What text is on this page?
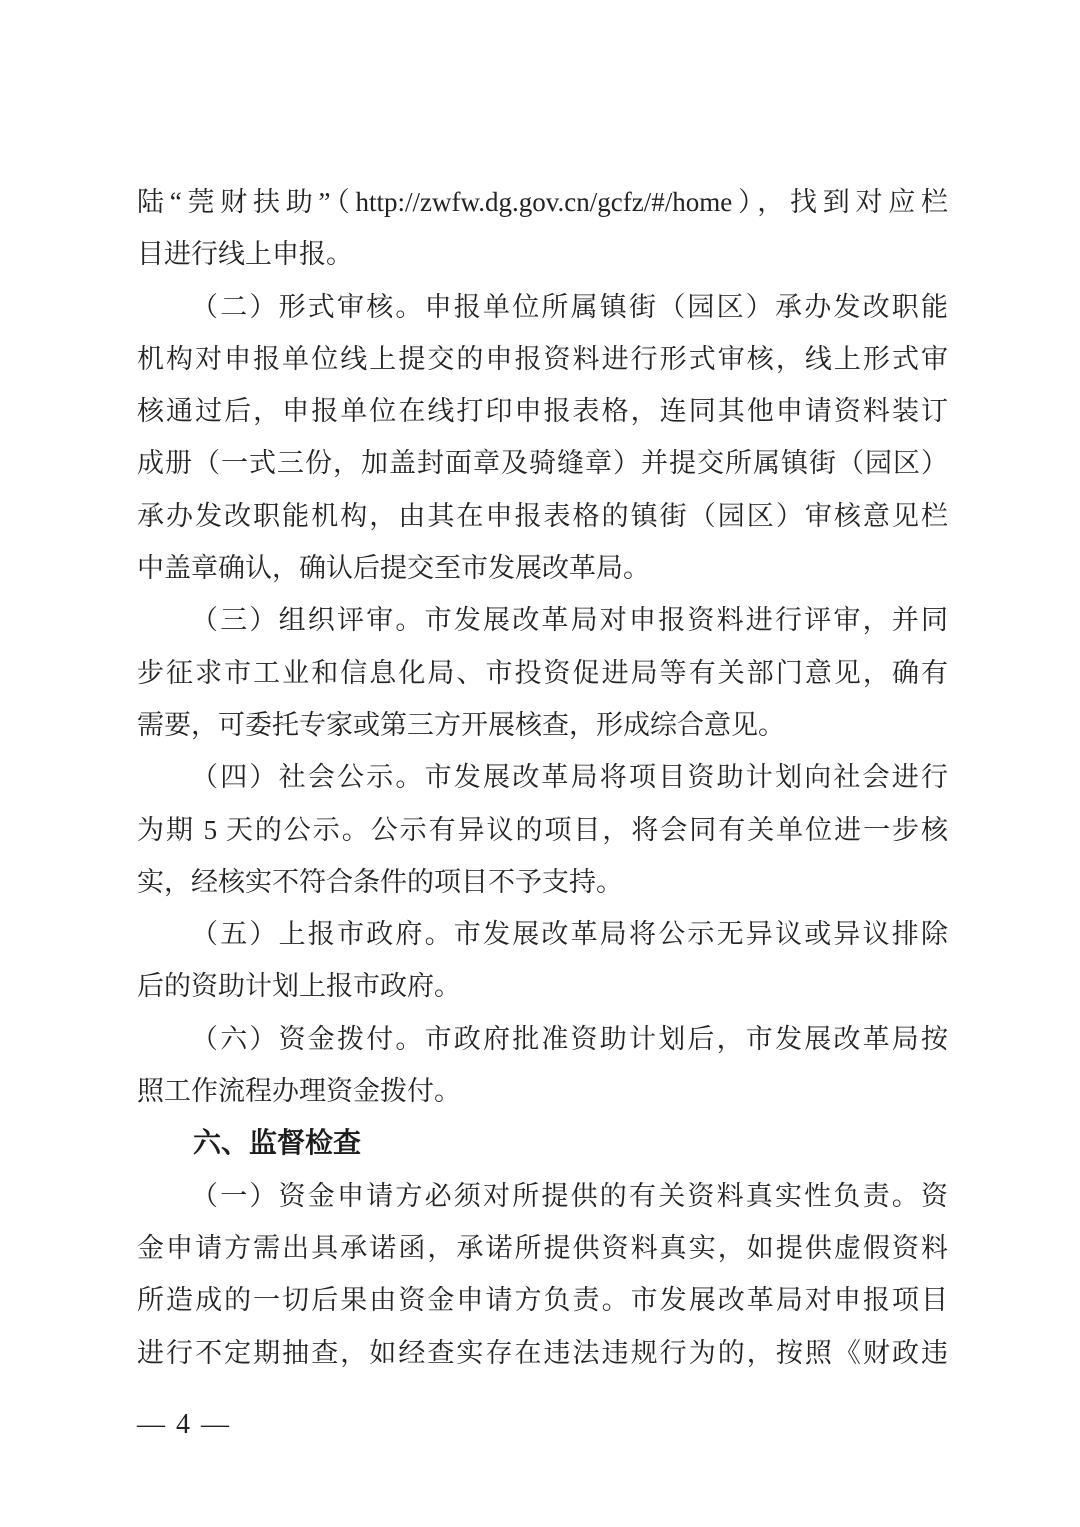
陆“莞财扶助”（http://zwfw.dg.gov.cn/gcfz/#/home），找到对应栏
目进行线上申报。
（二）形式审核。申报单位所属镇街（园区）承办发改职能
机构对申报单位线上提交的申报资料进行形式审核，线上形式审
核通过后，申报单位在线打印申报表格，连同其他申请资料装订
成册（一式三份，加盖封面章及骑缝章）并提交所属镇街（园区）
承办发改职能机构，由其在申报表格的镇街（园区）审核意见栏
中盖章确认，确认后提交至市发展改革局。
（三）组织评审。市发展改革局对申报资料进行评审，并同
步征求市工业和信息化局、市投资促进局等有关部门意见，确有
需要，可委托专家或第三方开展核查，形成综合意见。
（四）社会公示。市发展改革局将项目资助计划向社会进行
为期 5 天的公示。公示有异议的项目，将会同有关单位进一步核
实，经核实不符合条件的项目不予支持。
（五）上报市政府。市发展改革局将公示无异议或异议排除
后的资助计划上报市政府。
（六）资金拨付。市政府批准资助计划后，市发展改革局按
照工作流程办理资金拨付。
六、监督检查
（一）资金申请方必须对所提供的有关资料真实性负责。资
金申请方需出具承诺函，承诺所提供资料真实，如提供虚假资料
所造成的一切后果由资金申请方负责。市发展改革局对申报项目
进行不定期抽查，如经查实存在违法违规行为的，按照《财政违
— 4 —
